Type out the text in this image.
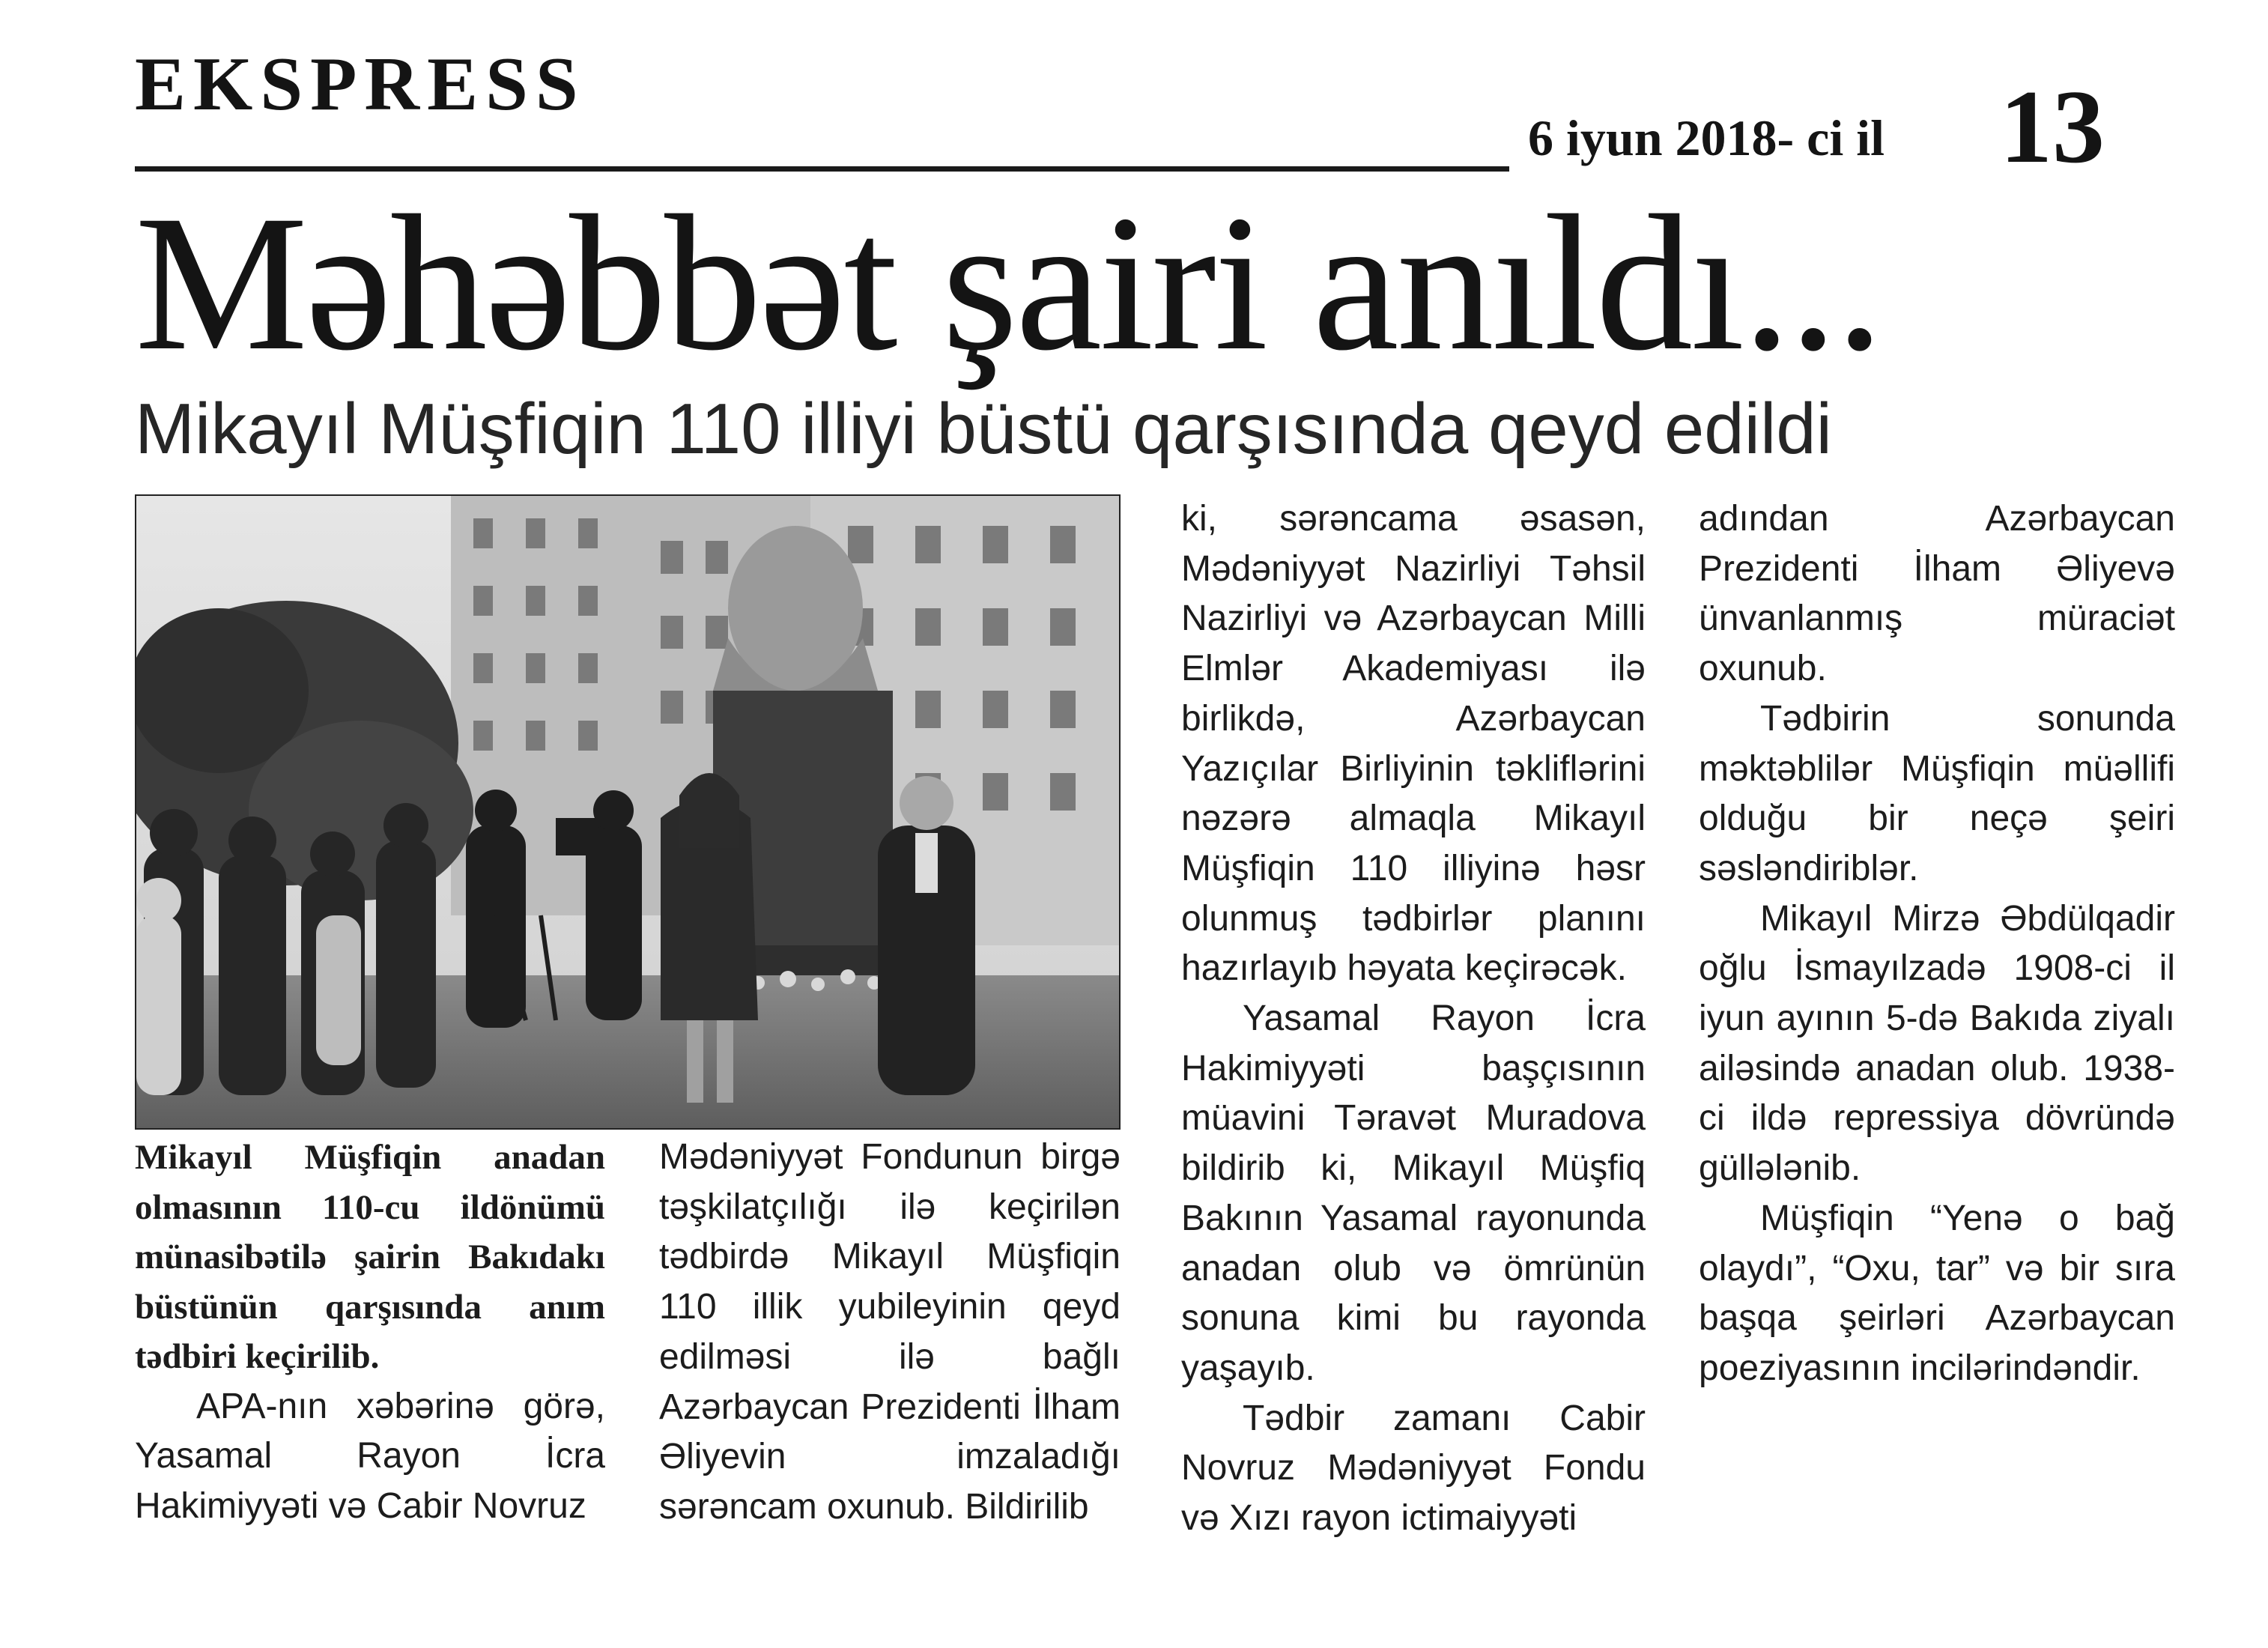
EKSPRESS
6 iyun 2018- ci il 13
Məhəbbət şairi anıldı...
Mikayıl Müşfiqin 110 illiyi büstü qarşısında qeyd edildi
Mikayıl Müşfiqin anadan olmasının 110-cu ildönümü münasibətilə şairin Bakıdakı büstünün qarşısında anım tədbiri keçirilib.

APA-nın xəbərinə görə, Yasamal Rayon İcra Hakimiyyəti və Cabir Novruz

Mədəniyyət Fondunun birgə təşkilatçılığı ilə keçirilən tədbirdə Mikayıl Müşfiqin 110 illik yubileyinin qeyd edilməsi ilə bağlı Azərbaycan Prezidenti İlham Əliyevin imzaladığı sərəncam oxunub. Bildirilib

ki, sərəncama əsasən, Mədəniyyət Nazirliyi Təhsil Nazirliyi və Azərbaycan Milli Elmlər Akademiyası ilə birlikdə, Azərbaycan Yazıçılar Birliyinin təkliflərini nəzərə almaqla Mikayıl Müşfiqin 110 illiyinə həsr olunmuş tədbirlər planını hazırlayıb həyata keçirəcək.

Yasamal Rayon İcra Hakimiyyəti başçısının müavini Təravət Muradova bildirib ki, Mikayıl Müşfiq Bakının Yasamal rayonunda anadan olub və ömrünün sonuna kimi bu rayonda yaşayıb.

Tədbir zamanı Cabir Novruz Mədəniyyət Fondu və Xızı rayon ictimaiyyəti

adından Azərbaycan Prezidenti İlham Əliyevə ünvanlanmış müraciət oxunub.

Tədbirin sonunda məktəblilər Müşfiqin müəllifi olduğu bir neçə şeiri səsləndiriblər.

Mikayıl Mirzə Əbdülqadir oğlu İsmayılzadə 1908-ci il iyun ayının 5-də Bakıda ziyalı ailəsində anadan olub. 1938-ci ildə repressiya dövründə güllələnib.

Müşfiqin “Yenə o bağ olaydı”, “Oxu, tar” və bir sıra başqa şeirləri Azərbaycan poeziyasının incilərindəndir.
